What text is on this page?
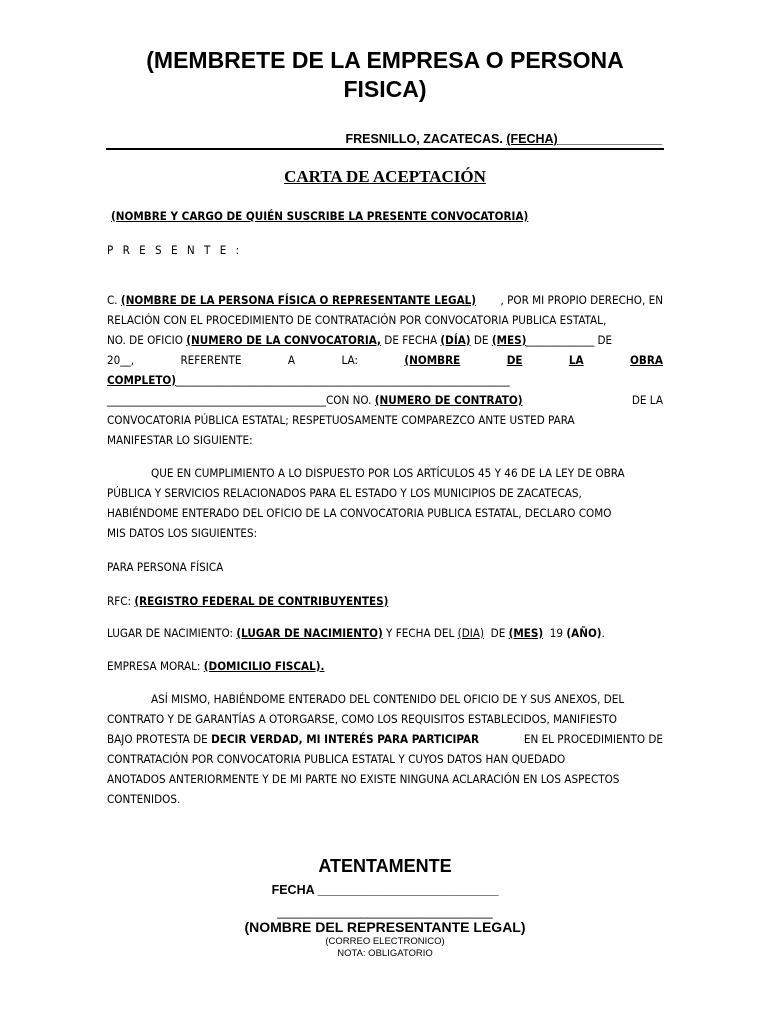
(MEMBRETE DE LA EMPRESA O PERSONA
FISICA)
FRESNILLO, ZACATECAS. (FECHA)_______________
CARTA DE ACEPTACIÓN
(NOMBRE Y CARGO DE QUIÉN SUSCRIBE LA PRESENTE CONVOCATORIA)
P R E S E N T E :
C. (NOMBRE DE LA PERSONA FÍSICA O REPRESENTANTE LEGAL) , POR MI PROPIO DERECHO, EN
RELACIÓN CON EL PROCEDIMIENTO DE CONTRATACIÓN POR CONVOCATORIA PUBLICA ESTATAL,
NO. DE OFICIO (NUMERO DE LA CONVOCATORIA, DE FECHA (DÍA) DE (MES)_____________ DE
20__,	REFERENTE	A	LA:	(NOMBRE	DE	LA	OBRA
COMPLETO) ________________________________________________________________
__________________________________________CON NO. (NUMERO DE CONTRATO)	DE LA
CONVOCATORIA PÚBLICA ESTATAL; RESPETUOSAMENTE COMPAREZCO ANTE USTED PARA
MANIFESTAR LO SIGUIENTE:
QUE EN CUMPLIMIENTO A LO DISPUESTO POR LOS ARTÍCULOS 45 Y 46 DE LA LEY DE OBRA
PÚBLICA Y SERVICIOS RELACIONADOS PARA EL ESTADO Y LOS MUNICIPIOS DE ZACATECAS,
HABIÉNDOME ENTERADO DEL OFICIO DE LA CONVOCATORIA PUBLICA ESTATAL, DECLARO COMO
MIS DATOS LOS SIGUIENTES:
PARA PERSONA FÍSICA
RFC: (REGISTRO FEDERAL DE CONTRIBUYENTES)
LUGAR DE NACIMIENTO: (LUGAR DE NACIMIENTO) Y FECHA DEL (DIA)  DE (MES)  19 (AÑO).
EMPRESA MORAL: (DOMICILIO FISCAL).
ASÍ MISMO, HABIÉNDOME ENTERADO DEL CONTENIDO DEL OFICIO DE Y SUS ANEXOS, DEL
CONTRATO Y DE GARANTÍAS A OTORGARSE, COMO LOS REQUISITOS ESTABLECIDOS, MANIFIESTO
BAJO PROTESTA DE DECIR VERDAD, MI INTERÉS PARA PARTICIPAR	EN EL PROCEDIMIENTO DE
CONTRATACIÓN POR CONVOCATORIA PUBLICA ESTATAL Y CUYOS DATOS HAN QUEDADO
ANOTADOS ANTERIORMENTE Y DE MI PARTE NO EXISTE NINGUNA ACLARACIÓN EN LOS ASPECTOS
CONTENIDOS.
ATENTAMENTE
FECHA __________________________
_______________________________
(NOMBRE DEL REPRESENTANTE LEGAL)
(CORREO ELECTRONICO)
NOTA: OBLIGATORIO
